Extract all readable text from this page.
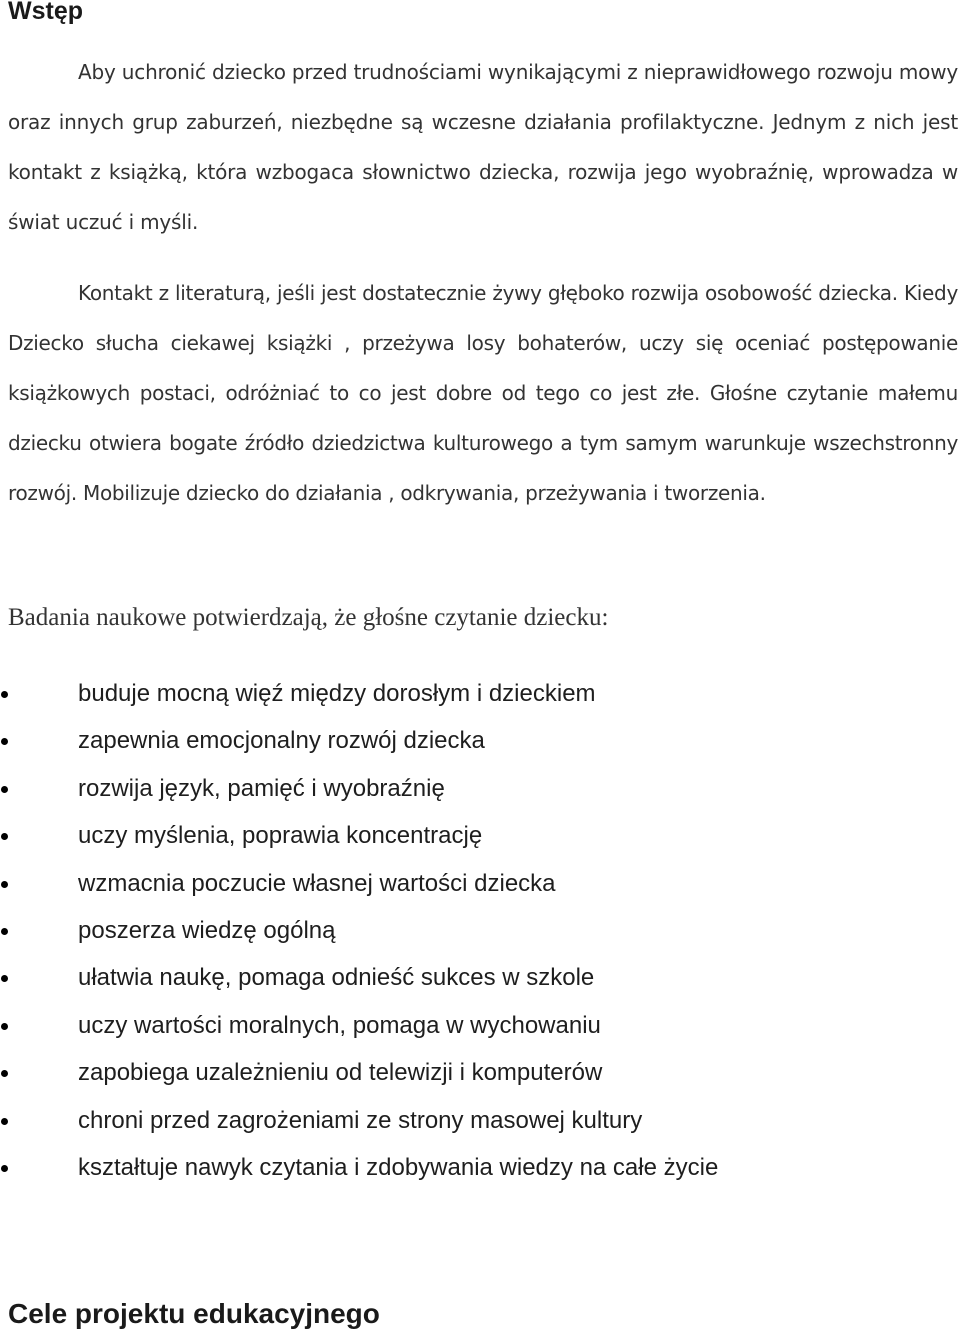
Wstęp

Aby uchronić dziecko przed trudnościami wynikającymi z nieprawidłowego rozwoju mowy oraz innych grup zaburzeń, niezbędne są wczesne działania profilaktyczne. Jednym z nich jest kontakt z książką, która wzbogaca słownictwo dziecka, rozwija jego wyobraźnię, wprowadza w świat uczuć i myśli.

Kontakt z literaturą, jeśli jest dostatecznie żywy głęboko rozwija osobowość dziecka. Kiedy Dziecko słucha ciekawej książki , przeżywa losy bohaterów, uczy się oceniać postępowanie książkowych postaci, odróżniać to co jest dobre od tego co jest złe. Głośne czytanie małemu dziecku otwiera bogate źródło dziedzictwa kulturowego a tym samym warunkuje wszechstronny rozwój. Mobilizuje dziecko do działania , odkrywania, przeżywania i tworzenia.

Badania naukowe potwierdzają, że głośne czytanie dziecku:

buduje mocną więź między dorosłym i dzieckiem
zapewnia emocjonalny rozwój dziecka
rozwija język, pamięć i wyobraźnię
uczy myślenia, poprawia koncentrację
wzmacnia poczucie własnej wartości dziecka
poszerza wiedzę ogólną
ułatwia naukę, pomaga odnieść sukces w szkole
uczy wartości moralnych, pomaga w wychowaniu
zapobiega uzależnieniu od telewizji i komputerów
chroni przed zagrożeniami ze strony masowej kultury
kształtuje nawyk czytania i zdobywania wiedzy na całe życie
Cele projektu edukacyjnego
